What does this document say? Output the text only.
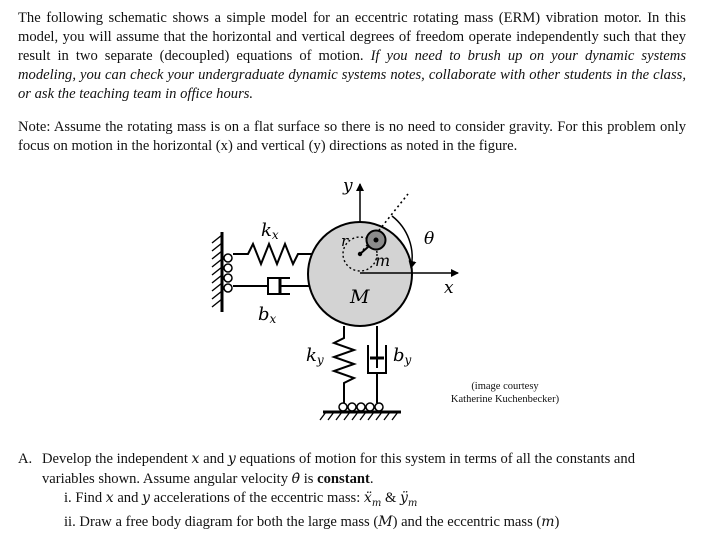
The following schematic shows a simple model for an eccentric rotating mass (ERM) vibration motor. In this model, you will assume that the horizontal and vertical degrees of freedom operate independently such that they result in two separate (decoupled) equations of motion. If you need to brush up on your dynamic systems modeling, you can check your undergraduate dynamic systems notes, collaborate with other students in the class, or ask the teaching team in office hours.

Note: Assume the rotating mass is on a flat surface so there is no need to consider gravity. For this problem only focus on motion in the horizontal (x) and vertical (y) directions as noted in the figure.

y
θ
x
r
m
M
kx
bx
ky	by
(image courtesy
Katherine Kuchenbecker)

A. Develop the independent x and y equations of motion for this system in terms of all the constants and variables shown. Assume angular velocity θ̇ is constant.

i. Find x and y accelerations of the eccentric mass: ẍ$_m$ & $ÿ_m$

ii. Draw a free body diagram for both the large mass (M) and the eccentric mass (m)
